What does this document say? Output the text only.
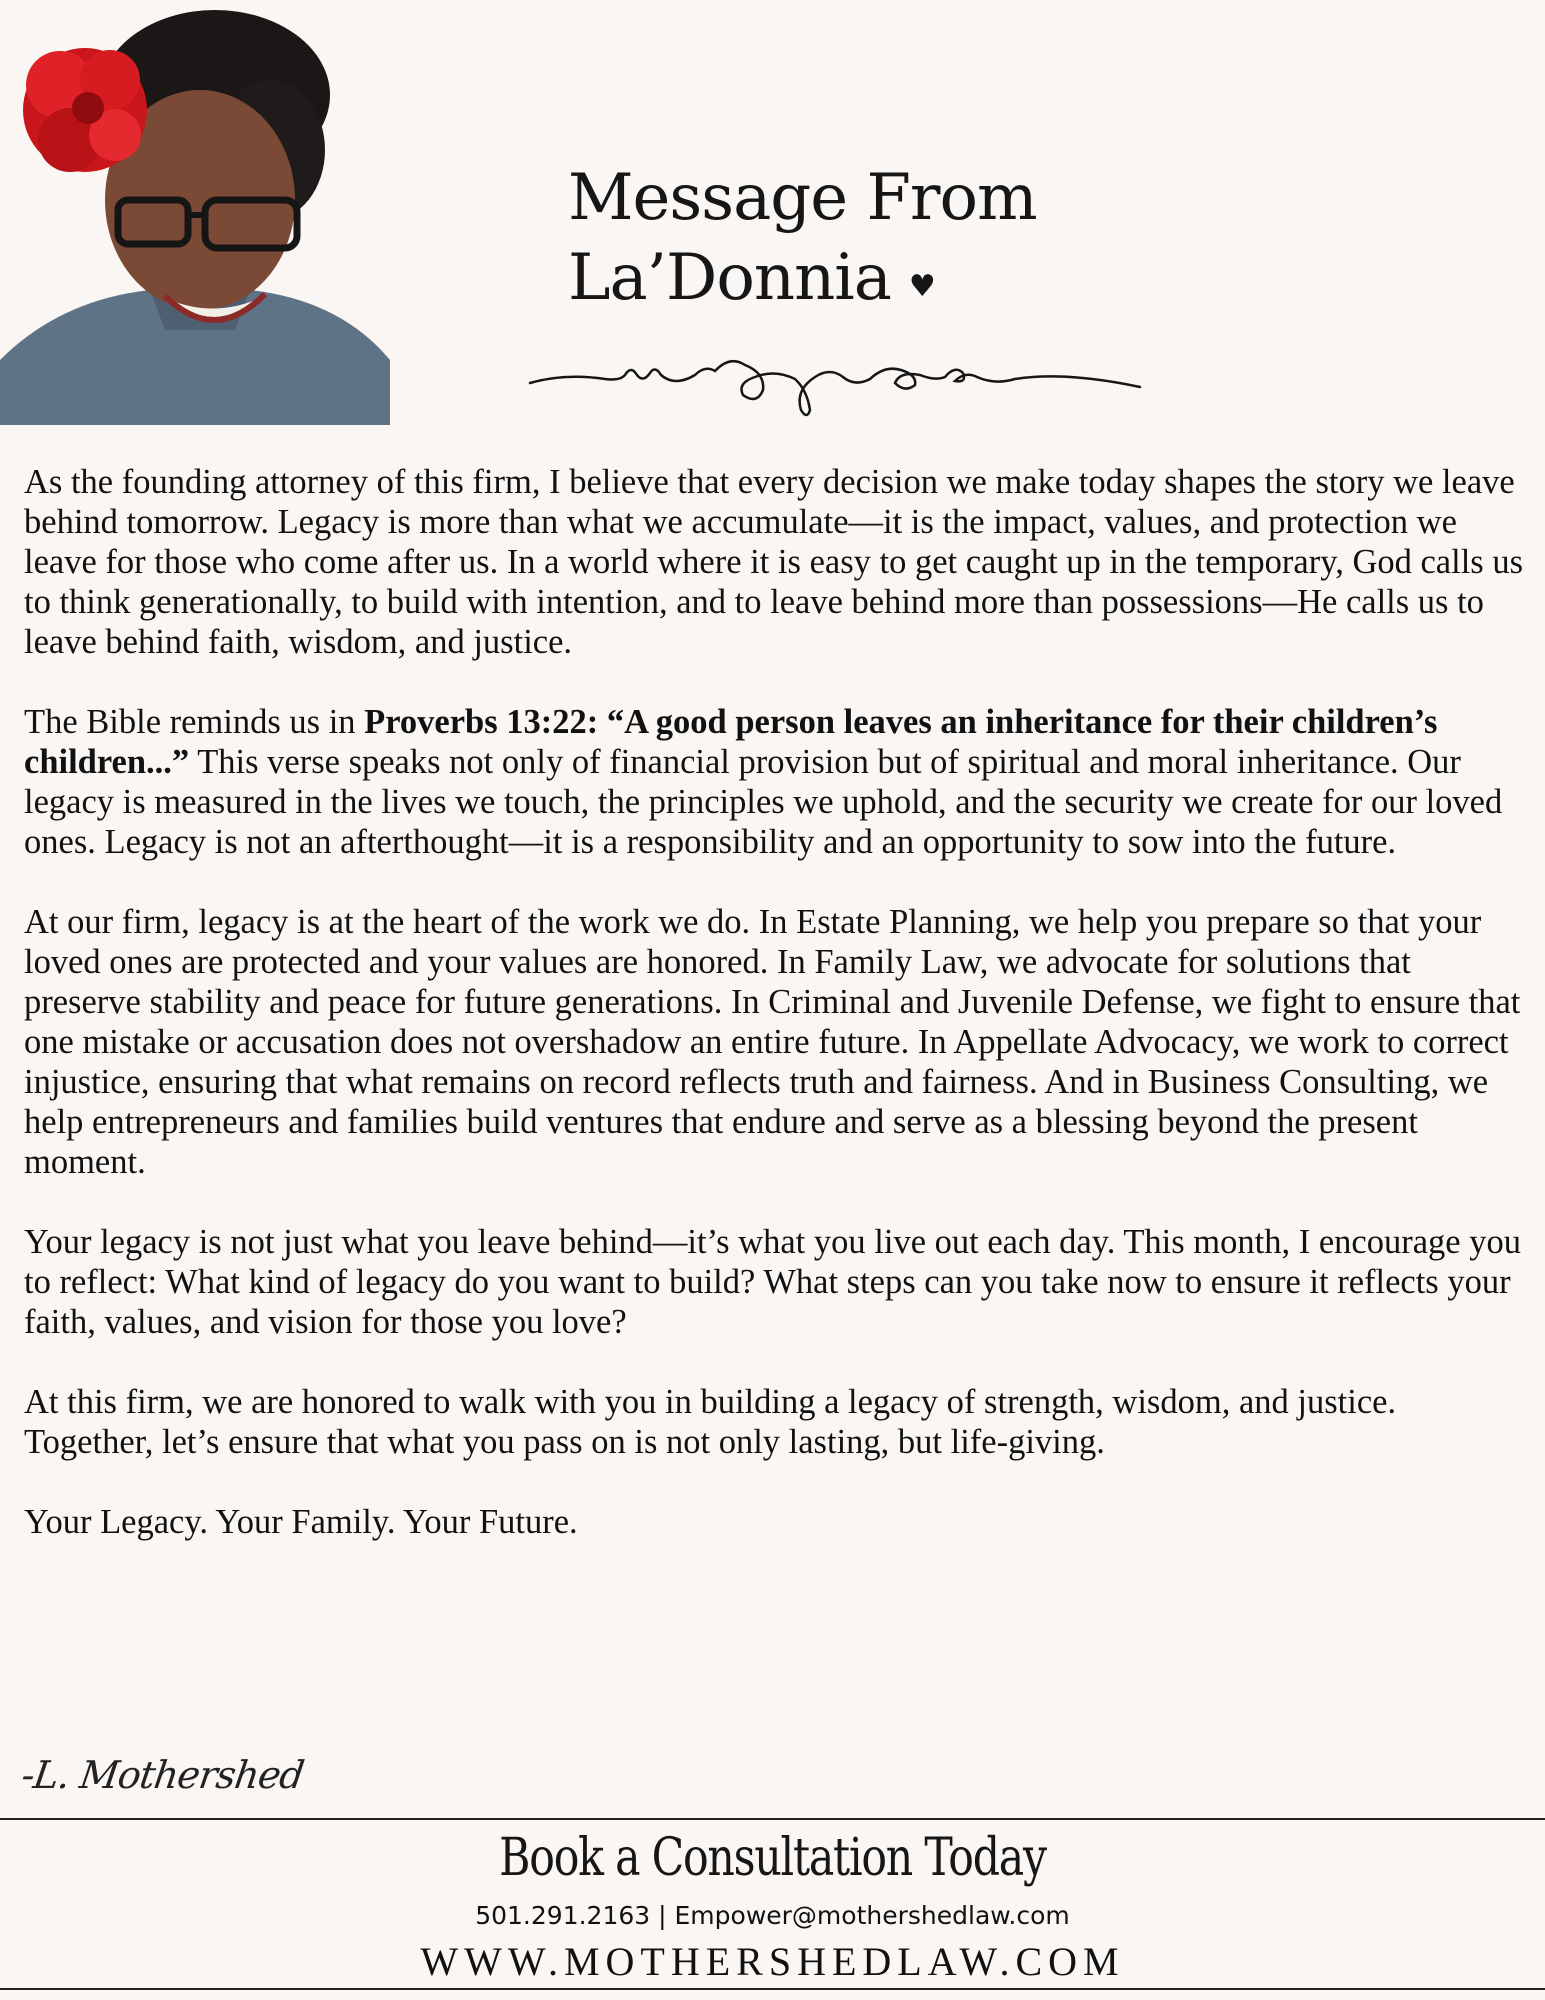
Message From
La’Donnia ♥

As the founding attorney of this firm, I believe that every decision we make today shapes the story we leave behind tomorrow. Legacy is more than what we accumulate—it is the impact, values, and protection we leave for those who come after us. In a world where it is easy to get caught up in the temporary, God calls us to think generationally, to build with intention, and to leave behind more than possessions—He calls us to leave behind faith, wisdom, and justice.

The Bible reminds us in Proverbs 13:22: “A good person leaves an inheritance for their children’s children...” This verse speaks not only of financial provision but of spiritual and moral inheritance. Our legacy is measured in the lives we touch, the principles we uphold, and the security we create for our loved ones. Legacy is not an afterthought—it is a responsibility and an opportunity to sow into the future.

At our firm, legacy is at the heart of the work we do. In Estate Planning, we help you prepare so that your loved ones are protected and your values are honored. In Family Law, we advocate for solutions that preserve stability and peace for future generations. In Criminal and Juvenile Defense, we fight to ensure that one mistake or accusation does not overshadow an entire future. In Appellate Advocacy, we work to correct injustice, ensuring that what remains on record reflects truth and fairness. And in Business Consulting, we help entrepreneurs and families build ventures that endure and serve as a blessing beyond the present moment.

Your legacy is not just what you leave behind—it’s what you live out each day. This month, I encourage you to reflect: What kind of legacy do you want to build? What steps can you take now to ensure it reflects your faith, values, and vision for those you love?

At this firm, we are honored to walk with you in building a legacy of strength, wisdom, and justice. Together, let’s ensure that what you pass on is not only lasting, but life-giving.

Your Legacy. Your Family. Your Future.

-L. Mothershed
Book a Consultation Today
501.291.2163 | Empower@mothershedlaw.com
WWW.MOTHERSHEDLAW.COM
